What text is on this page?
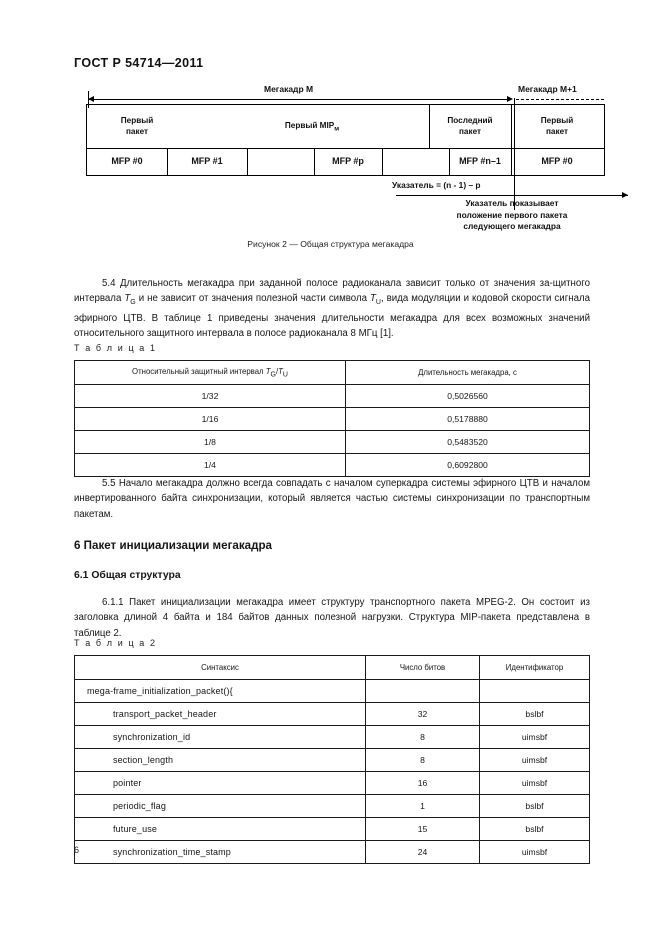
ГОСТ Р 54714—2011
Мегакадр M	Мегакадр M+1
Первый
пакет
Первый $MIP_м$
Последний
пакет
Первый
пакет
MFP #0	MFP #1	MFP #p	MFP #n–1	MFP #0
Указатель = (n - 1) – p
Указатель показывает
положение первого пакета
следующего мегакадра
Рисунок 2 — Общая структура мегакадра
5.4 Длительность мегакадра при заданной полосе радиоканала зависит только от значения за-щитного интервала $T_G$ и не зависит от значения полезной части символа $T_U$, вида модуляции и кодовой скорости сигнала эфирного ЦТВ. В таблице 1 приведены значения длительности мегакадра для всех возможных значений относительного защитного интервала в полосе радиоканала 8 МГц [1].
Т а б л и ц а 1
Относительный защитный интервал $T_G/T_U$	Длительность мегакадра, с
1/32	0,5026560
1/16	0,5178880
1/8	0,5483520
1/4	0,6092800
5.5 Начало мегакадра должно всегда совпадать с началом суперкадра системы эфирного ЦТВ и началом инвертированного байта синхронизации, который является частью системы синхронизации по транспортным пакетам.
6 Пакет инициализации мегакадра
6.1 Общая структура
6.1.1 Пакет инициализации мегакадра имеет структуру транспортного пакета MPEG-2. Он состоит из заголовка длиной 4 байта и 184 байтов данных полезной нагрузки. Структура MIP-пакета представлена в таблице 2.
Т а б л и ц а 2
Синтаксис	Число битов	Идентификатор
mega-frame_initialization_packet(){		
transport_packet_header	32	bslbf
synchronization_id	8	uimsbf
section_length	8	uimsbf
pointer	16	uimsbf
periodic_flag	1	bslbf
future_use	15	bslbf
synchronization_time_stamp	24	uimsbf
6
